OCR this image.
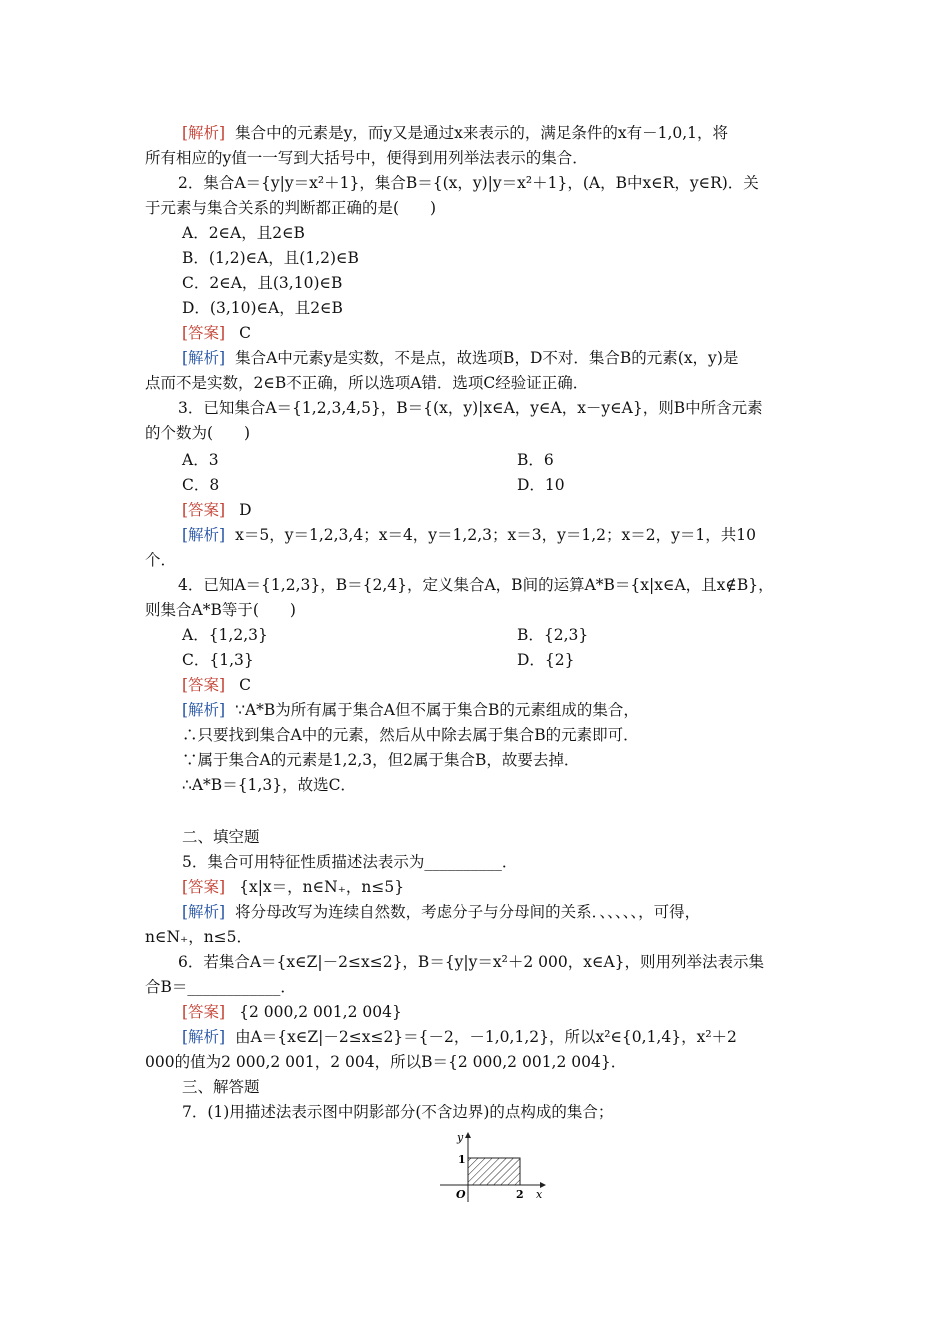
[解析] 集合中的元素是y，而y又是通过x来表示的，满足条件的x有－1,0,1，将
所有相应的y值一一写到大括号中，便得到用列举法表示的集合．
2．集合A＝{y|y＝x²＋1}，集合B＝{(x，y)|y＝x²＋1}，(A，B中x∈R，y∈R)．关
于元素与集合关系的判断都正确的是(　　)
A．2∈A，且2∈B
B．(1,2)∈A，且(1,2)∈B
C．2∈A，且(3,10)∈B
D．(3,10)∈A，且2∈B
[答案] C
[解析] 集合A中元素y是实数，不是点，故选项B，D不对．集合B的元素(x，y)是
点而不是实数，2∈B不正确，所以选项A错．选项C经验证正确．
3．已知集合A＝{1,2,3,4,5}，B＝{(x，y)|x∈A，y∈A，x－y∈A}，则B中所含元素
的个数为(　　)
A．3	B．6
C．8	D．10
[答案] D
[解析] x＝5，y＝1,2,3,4；x＝4，y＝1,2,3；x＝3，y＝1,2；x＝2，y＝1，共10
个．
4．已知A＝{1,2,3}，B＝{2,4}，定义集合A，B间的运算A*B＝{x|x∈A，且x∉B}，
则集合A*B等于(　　)
A．{1,2,3}	B．{2,3}
C．{1,3}	D．{2}
[答案] C
[解析] ∵A*B为所有属于集合A但不属于集合B的元素组成的集合，
∴只要找到集合A中的元素，然后从中除去属于集合B的元素即可．
∵属于集合A的元素是1,2,3，但2属于集合B，故要去掉．
∴A*B＝{1,3}，故选C．
二、填空题
5．集合可用特征性质描述法表示为__________．
[答案] {x|x＝，n∈N₊，n≤5}
[解析] 将分母改写为连续自然数，考虑分子与分母间的关系．、、、、、，可得，
n∈N₊，n≤5．
6．若集合A＝{x∈Z|－2≤x≤2}，B＝{y|y＝x²＋2 000，x∈A}，则用列举法表示集
合B＝____________．
[答案] {2 000,2 001,2 004}
[解析] 由A＝{x∈Z|－2≤x≤2}＝{－2，－1,0,1,2}，所以x²∈{0,1,4}，x²＋2
000的值为2 000,2 001，2 004，所以B＝{2 000,2 001,2 004}．
三、解答题
7．(1)用描述法表示图中阴影部分(不含边界)的点构成的集合；
y
x
O
1
2
